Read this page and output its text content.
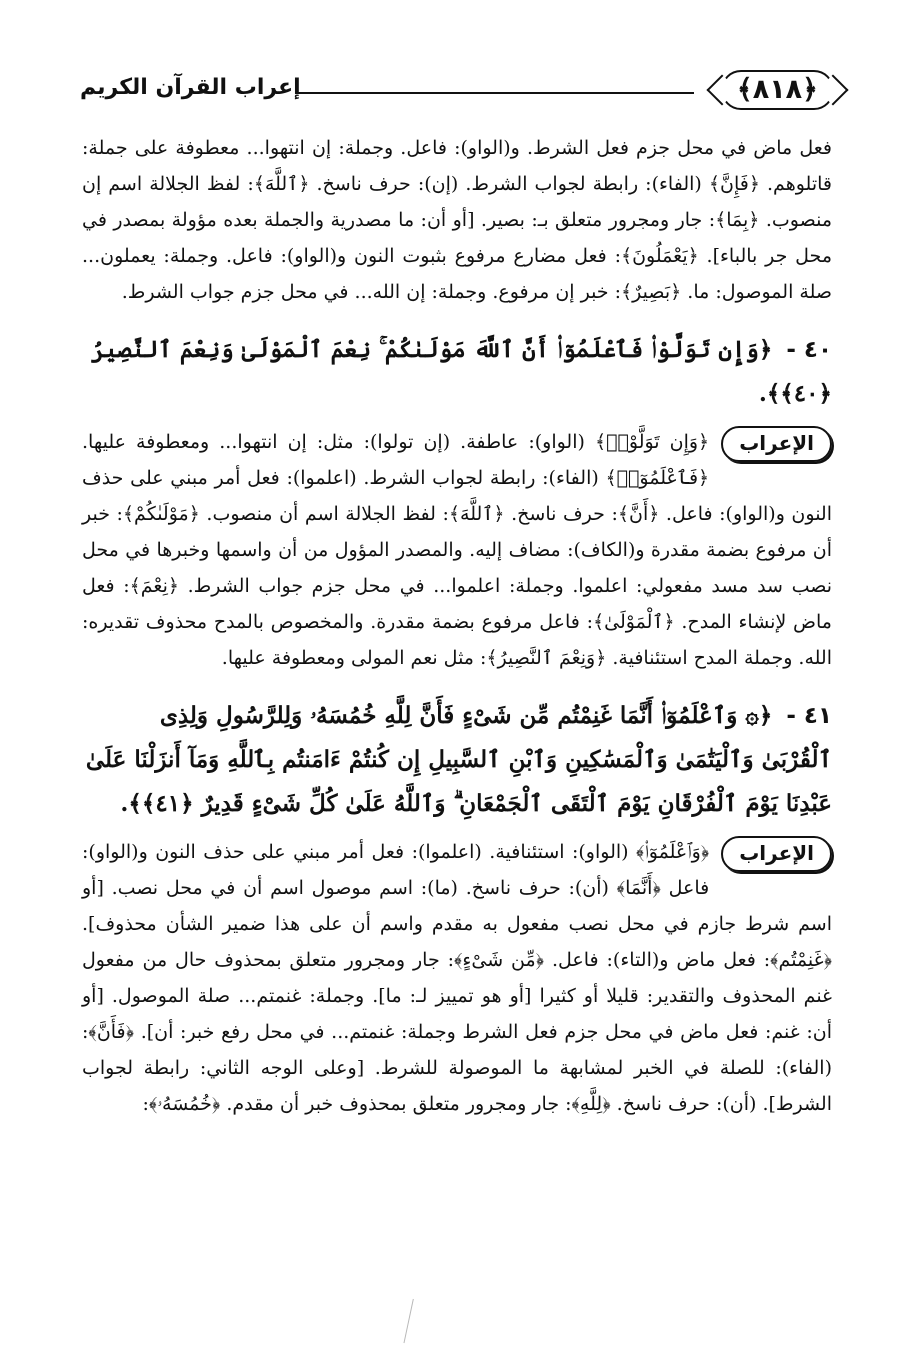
﴿٨١٨﴾
إعراب القرآن الكريم

فعل ماض في محل جزم فعل الشرط. و(الواو): فاعل. وجملة: إن انتهوا... معطوفة على جملة: قاتلوهم. ﴿فَإِنَّ﴾ (الفاء): رابطة لجواب الشرط. (إن): حرف ناسخ. ﴿ٱللَّهَ﴾: لفظ الجلالة اسم إن منصوب. ﴿بِمَا﴾: جار ومجرور متعلق بـ: بصير. [أو أن: ما مصدرية والجملة بعده مؤولة بمصدر في محل جر بالباء]. ﴿يَعْمَلُونَ﴾: فعل مضارع مرفوع بثبوت النون و(الواو): فاعل. وجملة: يعملون... صلة الموصول: ما. ﴿بَصِيرٌ﴾: خبر إن مرفوع. وجملة: إن الله... في محل جزم جواب الشرط.

٤٠ - ﴿وَإِن تَوَلَّوْا۟ فَٱعْلَمُوٓا۟ أَنَّ ٱللَّهَ مَوْلَىٰكُمْ ۚ نِعْمَ ٱلْمَوْلَىٰ وَنِعْمَ ٱلنَّصِيرُ ﴿٤٠﴾﴾.

الإعراب

﴿وَإِن تَوَلَّوْا۟﴾ (الواو): عاطفة. (إن تولوا): مثل: إن انتهوا... ومعطوفة عليها. ﴿فَٱعْلَمُوٓا۟﴾ (الفاء): رابطة لجواب الشرط. (اعلموا): فعل أمر مبني على حذف النون و(الواو): فاعل. ﴿أَنَّ﴾: حرف ناسخ. ﴿ٱللَّهَ﴾: لفظ الجلالة اسم أن منصوب. ﴿مَوْلَىٰكُمْ﴾: خبر أن مرفوع بضمة مقدرة و(الكاف): مضاف إليه. والمصدر المؤول من أن واسمها وخبرها في محل نصب سد مسد مفعولي: اعلموا. وجملة: اعلموا... في محل جزم جواب الشرط. ﴿نِعْمَ﴾: فعل ماض لإنشاء المدح. ﴿ٱلْمَوْلَىٰ﴾: فاعل مرفوع بضمة مقدرة. والمخصوص بالمدح محذوف تقديره: الله. وجملة المدح استئنافية. ﴿وَنِعْمَ ٱلنَّصِيرُ﴾: مثل نعم المولى ومعطوفة عليها.

٤١ - ﴿۞ وَٱعْلَمُوٓا۟ أَنَّمَا غَنِمْتُم مِّن شَىْءٍ فَأَنَّ لِلَّهِ خُمُسَهُۥ وَلِلرَّسُولِ وَلِذِى ٱلْقُرْبَىٰ وَٱلْيَتَٰمَىٰ وَٱلْمَسَٰكِينِ وَٱبْنِ ٱلسَّبِيلِ إِن كُنتُمْ ءَامَنتُم بِٱللَّهِ وَمَآ أَنزَلْنَا عَلَىٰ عَبْدِنَا يَوْمَ ٱلْفُرْقَانِ يَوْمَ ٱلْتَقَى ٱلْجَمْعَانِ ۗ وَٱللَّهُ عَلَىٰ كُلِّ شَىْءٍ قَدِيرٌ ﴿٤١﴾﴾.

الإعراب

﴿وَٱعْلَمُوٓا۟﴾ (الواو): استئنافية. (اعلموا): فعل أمر مبني على حذف النون و(الواو): فاعل ﴿أَنَّمَا﴾ (أن): حرف ناسخ. (ما): اسم موصول اسم أن في محل نصب. [أو اسم شرط جازم في محل نصب مفعول به مقدم واسم أن على هذا ضمير الشأن محذوف]. ﴿غَنِمْتُم﴾: فعل ماض و(التاء): فاعل. ﴿مِّن شَىْءٍ﴾: جار ومجرور متعلق بمحذوف حال من مفعول غنم المحذوف والتقدير: قليلا أو كثيرا [أو هو تمييز لـ: ما]. وجملة: غنمتم... صلة الموصول. [أو أن: غنم: فعل ماض في محل جزم فعل الشرط وجملة: غنمتم... في محل رفع خبر: أن]. ﴿فَأَنَّ﴾: (الفاء): للصلة في الخبر لمشابهة ما الموصولة للشرط. [وعلى الوجه الثاني: رابطة لجواب الشرط]. (أن): حرف ناسخ. ﴿لِلَّهِ﴾: جار ومجرور متعلق بمحذوف خبر أن مقدم. ﴿خُمُسَهُۥ﴾:
